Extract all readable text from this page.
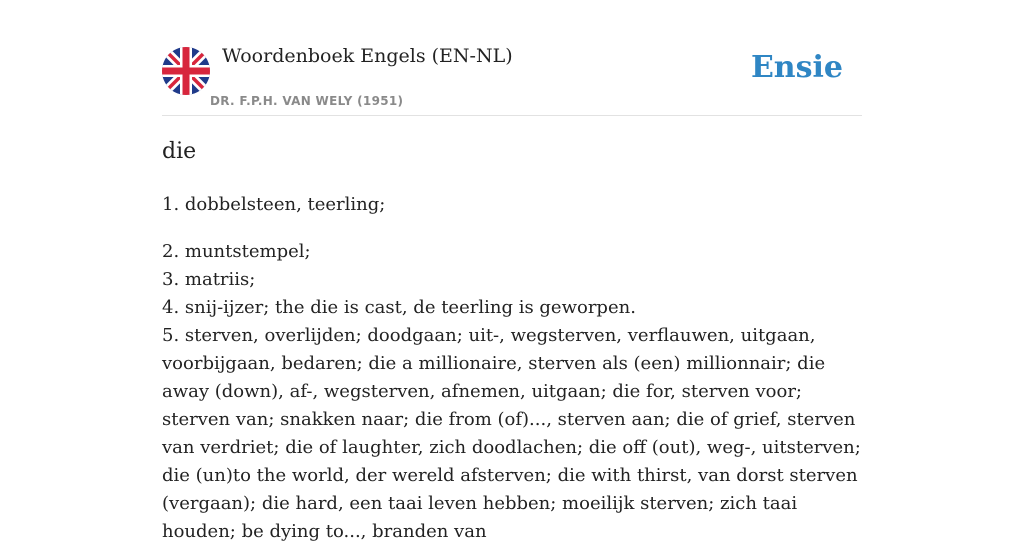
Woordenboek Engels (EN-NL)
DR. F.P.H. VAN WELY (1951)
Ensie
die

1. dobbelsteen, teerling;

2. muntstempel;

3. matriis;

4. snij-ijzer; the die is cast, de teerling is geworpen.

5. sterven, overlijden; doodgaan; uit-, wegsterven, verflauwen, uitgaan, voorbijgaan, bedaren; die a millionaire, sterven als (een) millionnair; die away (down), af-, wegsterven, afnemen, uitgaan; die for, sterven voor; sterven van; snakken naar; die from (of)..., sterven aan; die of grief, sterven van verdriet; die of laughter, zich doodlachen; die off (out), weg-, uitsterven; die (un)to the world, der wereld afsterven; die with thirst, van dorst sterven (vergaan); die hard, een taai leven hebben; moeilijk sterven; zich taai houden; be dying to..., branden van
